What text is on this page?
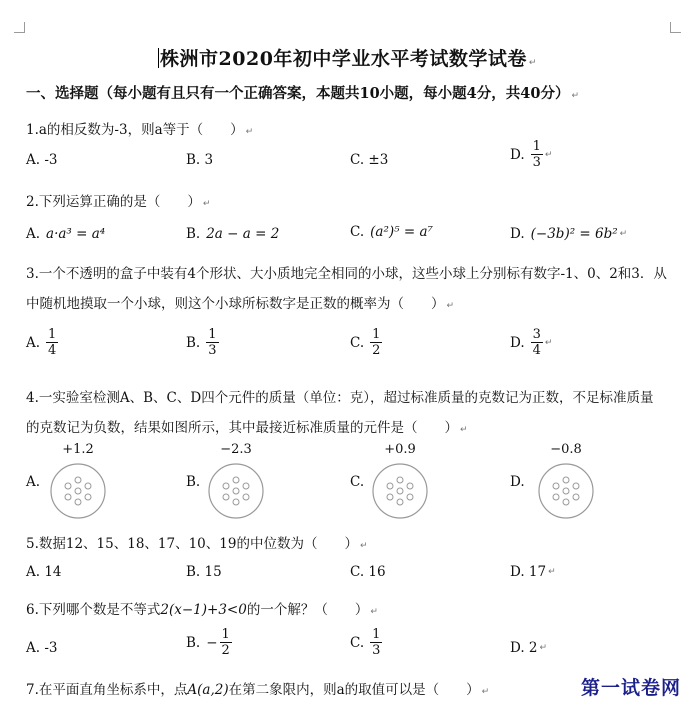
株洲市2020年初中学业水平考试数学试卷 ↵
一、选择题（每小题有且只有一个正确答案，本题共10小题，每小题4分，共40分） ↵
1.a的相反数为-3，则a等于（　　） ↵
A. -3	B. 3	C. ±3	D. $\frac{1}{3}$ ↵
2.下列运算正确的是（　　） ↵
A. a·a³ = a⁴	B. 2a − a = 2	C. (a²)⁵ = a⁷	D. (−3b)² = 6b² ↵
3.一个不透明的盒子中装有4个形状、大小质地完全相同的小球，这些小球上分别标有数字-1、0、2和3．从
中随机地摸取一个小球，则这个小球所标数字是正数的概率为（　　） ↵
A. $\frac{1}{4}$	B. $\frac{1}{3}$	C. $\frac{1}{2}$	D. $\frac{3}{4}$ ↵
4.一实验室检测A、B、C、D四个元件的质量（单位：克），超过标准质量的克数记为正数，不足标准质量
的克数记为负数，结果如图所示，其中最接近标准质量的元件是（　　） ↵
A.
+1.2
B.
−2.3
C.
+0.9
D.
−0.8
5.数据12、15、18、17、10、19的中位数为（　　） ↵
A. 14	B. 15	C. 16	D. 17 ↵
6.下列哪个数是不等式2(x−1)+3<0的一个解？（　　） ↵
A. -3	B. − $\frac{1}{2}$	C. $\frac{1}{3}$	D. 2 ↵
7.在平面直角坐标系中，点A(a,2)在第二象限内，则a的取值可以是（　　） ↵	第一试卷网
